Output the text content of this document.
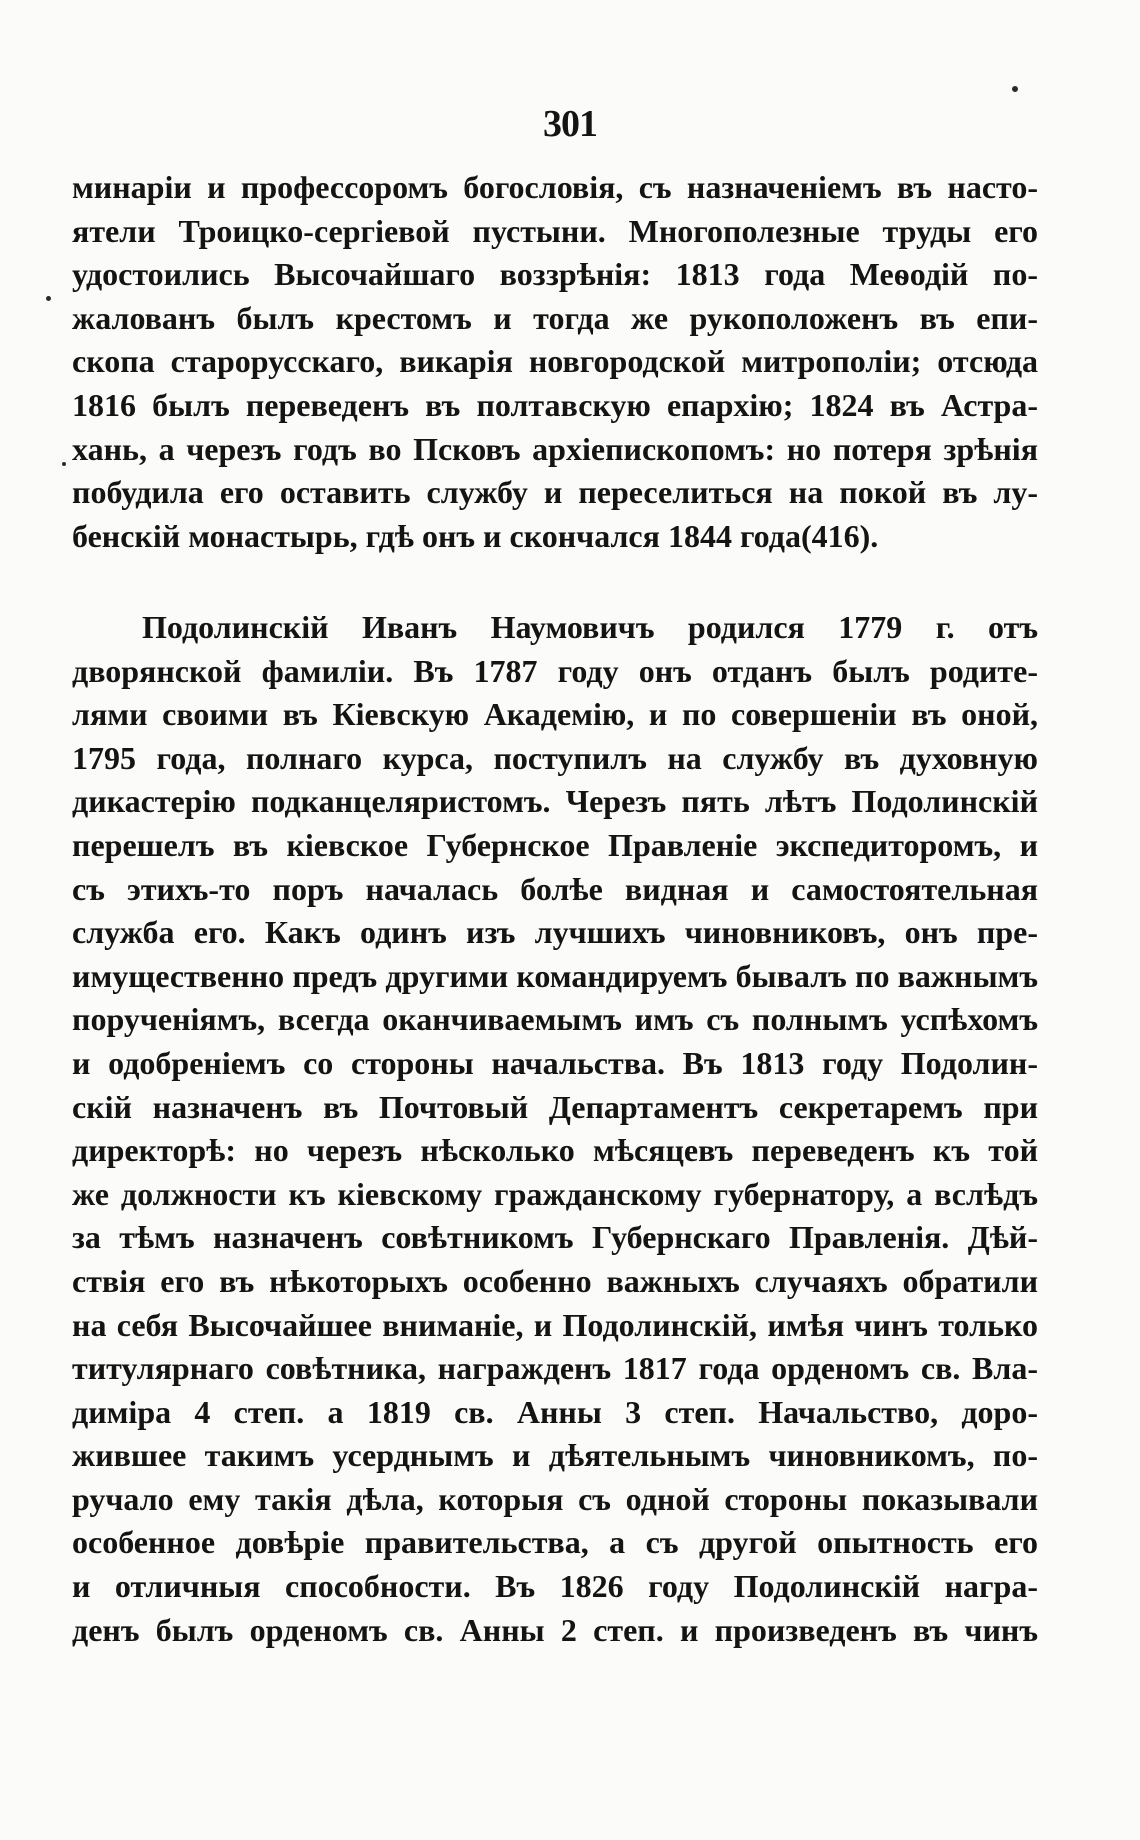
301
минарiи и профессоромъ богословiя, съ назначенiемъ въ насто-
ятели Троицко-сергiевой пустыни. Многополезные труды его
удостоились Высочайшаго воззрѣнiя: 1813 года Меѳодiй по-
жалованъ былъ крестомъ и тогда же рукоположенъ въ епи-
скопа старорусскаго, викарiя новгородской митрополiи; отсюда
1816 былъ переведенъ въ полтавскую епархiю; 1824 въ Астра-
хань, а черезъ годъ во Псковъ архiепископомъ: но потеря зрѣнiя
побудила его оставить службу и переселиться на покой въ лу-
бенскiй монастырь, гдѣ онъ и скончался 1844 года(416).
Подолинскiй Иванъ Наумовичъ родился 1779 г. отъ
дворянской фамилiи. Въ 1787 году онъ отданъ былъ родите-
лями своими въ Кiевскую Академiю, и по совершенiи въ оной,
1795 года, полнаго курса, поступилъ на службу въ духовную
дикастерiю подканцеляристомъ. Черезъ пять лѣтъ Подолинскiй
перешелъ въ кiевское Губернское Правленiе экспедиторомъ, и
съ этихъ-то поръ началась болѣе видная и самостоятельная
служба его. Какъ одинъ изъ лучшихъ чиновниковъ, онъ пре-
имущественно предъ другими командируемъ бывалъ по важнымъ
порученiямъ, всегда оканчиваемымъ имъ съ полнымъ успѣхомъ
и одобренiемъ со стороны начальства. Въ 1813 году Подолин-
скiй назначенъ въ Почтовый Департаментъ секретаремъ при
директорѣ: но черезъ нѣсколько мѣсяцевъ переведенъ къ той
же должности къ кiевскому гражданскому губернатору, а вслѣдъ
за тѣмъ назначенъ совѣтникомъ Губернскаго Правленiя. Дѣй-
ствiя его въ нѣкоторыхъ особенно важныхъ случаяхъ обратили
на себя Высочайшее вниманiе, и Подолинскiй, имѣя чинъ только
титулярнаго совѣтника, награжденъ 1817 года орденомъ св. Вла-
димiра 4 степ. а 1819 св. Анны 3 степ. Начальство, доро-
жившее такимъ усерднымъ и дѣятельнымъ чиновникомъ, по-
ручало ему такiя дѣла, которыя съ одной стороны показывали
особенное довѣрiе правительства, а съ другой опытность его
и отличныя способности. Въ 1826 году Подолинскiй награ-
денъ былъ орденомъ св. Анны 2 степ. и произведенъ въ чинъ
